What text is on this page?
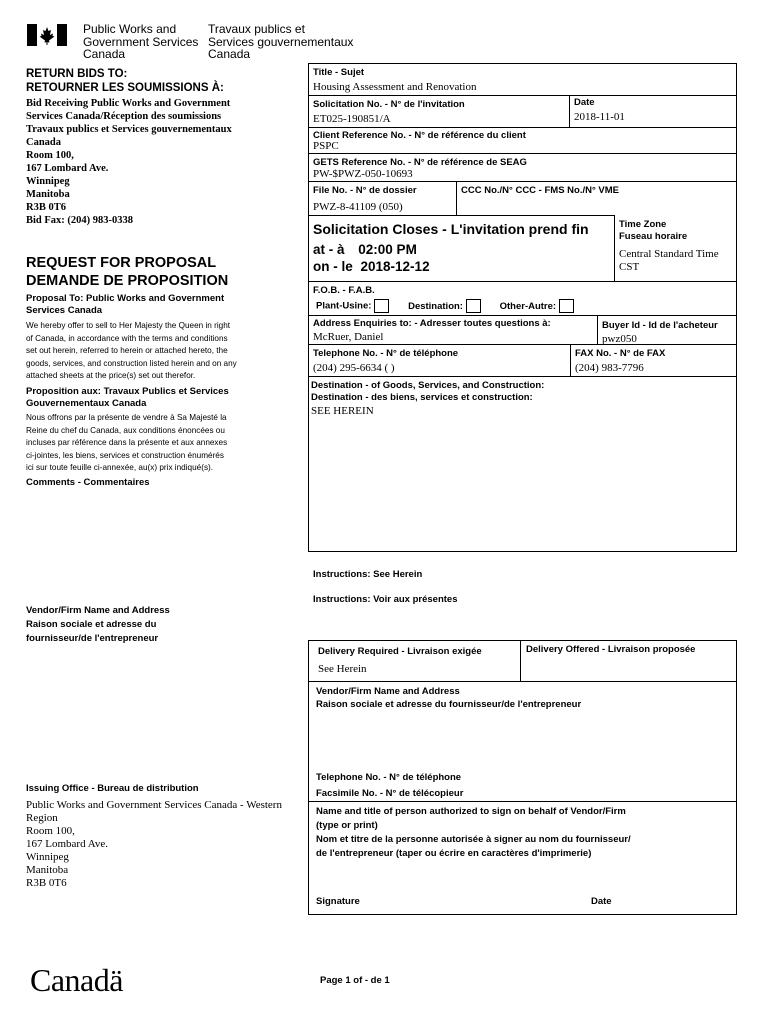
Public Works and
Government Services
Canada
Travaux publics et
Services gouvernementaux
Canada
RETURN BIDS TO:
RETOURNER LES SOUMISSIONS À:
Bid Receiving Public Works and Government
Services Canada/Réception des soumissions
Travaux publics et Services gouvernementaux
Canada
Room 100,
167 Lombard Ave.
Winnipeg
Manitoba
R3B 0T6
Bid Fax: (204) 983-0338
REQUEST FOR PROPOSAL
DEMANDE DE PROPOSITION
Proposal To: Public Works and Government
Services Canada
We hereby offer to sell to Her Majesty the Queen in right
of Canada, in accordance with the terms and conditions
set out herein, referred to herein or attached hereto, the
goods, services, and construction listed herein and on any
attached sheets at the price(s) set out therefor.
Proposition aux: Travaux Publics et Services
Gouvernementaux Canada
Nous offrons par la présente de vendre à Sa Majesté la
Reine du chef du Canada, aux conditions énoncées ou
incluses par référence dans la présente et aux annexes
ci-jointes, les biens, services et construction énumérés
ici sur toute feuille ci-annexée, au(x) prix indiqué(s).
Comments - Commentaires
Vendor/Firm Name and Address
Raison sociale et adresse du
fournisseur/de l'entrepreneur
Issuing Office - Bureau de distribution
Public Works and Government Services Canada - Western
Region
Room 100,
167 Lombard Ave.
Winnipeg
Manitoba
R3B 0T6
Canadä
Title - Sujet
Housing Assessment and Renovation
Solicitation No. - N° de l'invitation
ET025-190851/A
Date
2018-11-01
Client Reference No. - N° de référence du client
PSPC
GETS Reference No. - N° de référence de SEAG
PW-$PWZ-050-10693
File No. - N° de dossier
PWZ-8-41109 (050)
CCC No./N° CCC - FMS No./N° VME
Solicitation Closes - L'invitation prend fin
at - à 02:00 PM
on - le 2018-12-12
Time Zone
Fuseau horaire
Central Standard Time
CST
F.O.B. - F.A.B.
Plant-Usine:	Destination:	Other-Autre:
Address Enquiries to: - Adresser toutes questions à:
McRuer, Daniel
Buyer Id - Id de l'acheteur
pwz050
Telephone No. - N° de téléphone
(204) 295-6634 ( )
FAX No. - N° de FAX
(204) 983-7796
Destination - of Goods, Services, and Construction:
Destination - des biens, services et construction:
SEE HEREIN
Instructions: See Herein
Instructions: Voir aux présentes
Delivery Required - Livraison exigée
See Herein
Delivery Offered - Livraison proposée
Vendor/Firm Name and Address
Raison sociale et adresse du fournisseur/de l'entrepreneur
Telephone No. - N° de téléphone
Facsimile No. - N° de télécopieur
Name and title of person authorized to sign on behalf of Vendor/Firm
(type or print)
Nom et titre de la personne autorisée à signer au nom du fournisseur/
de l'entrepreneur (taper ou écrire en caractères d'imprimerie)
Signature	Date
Page 1 of - de 1
